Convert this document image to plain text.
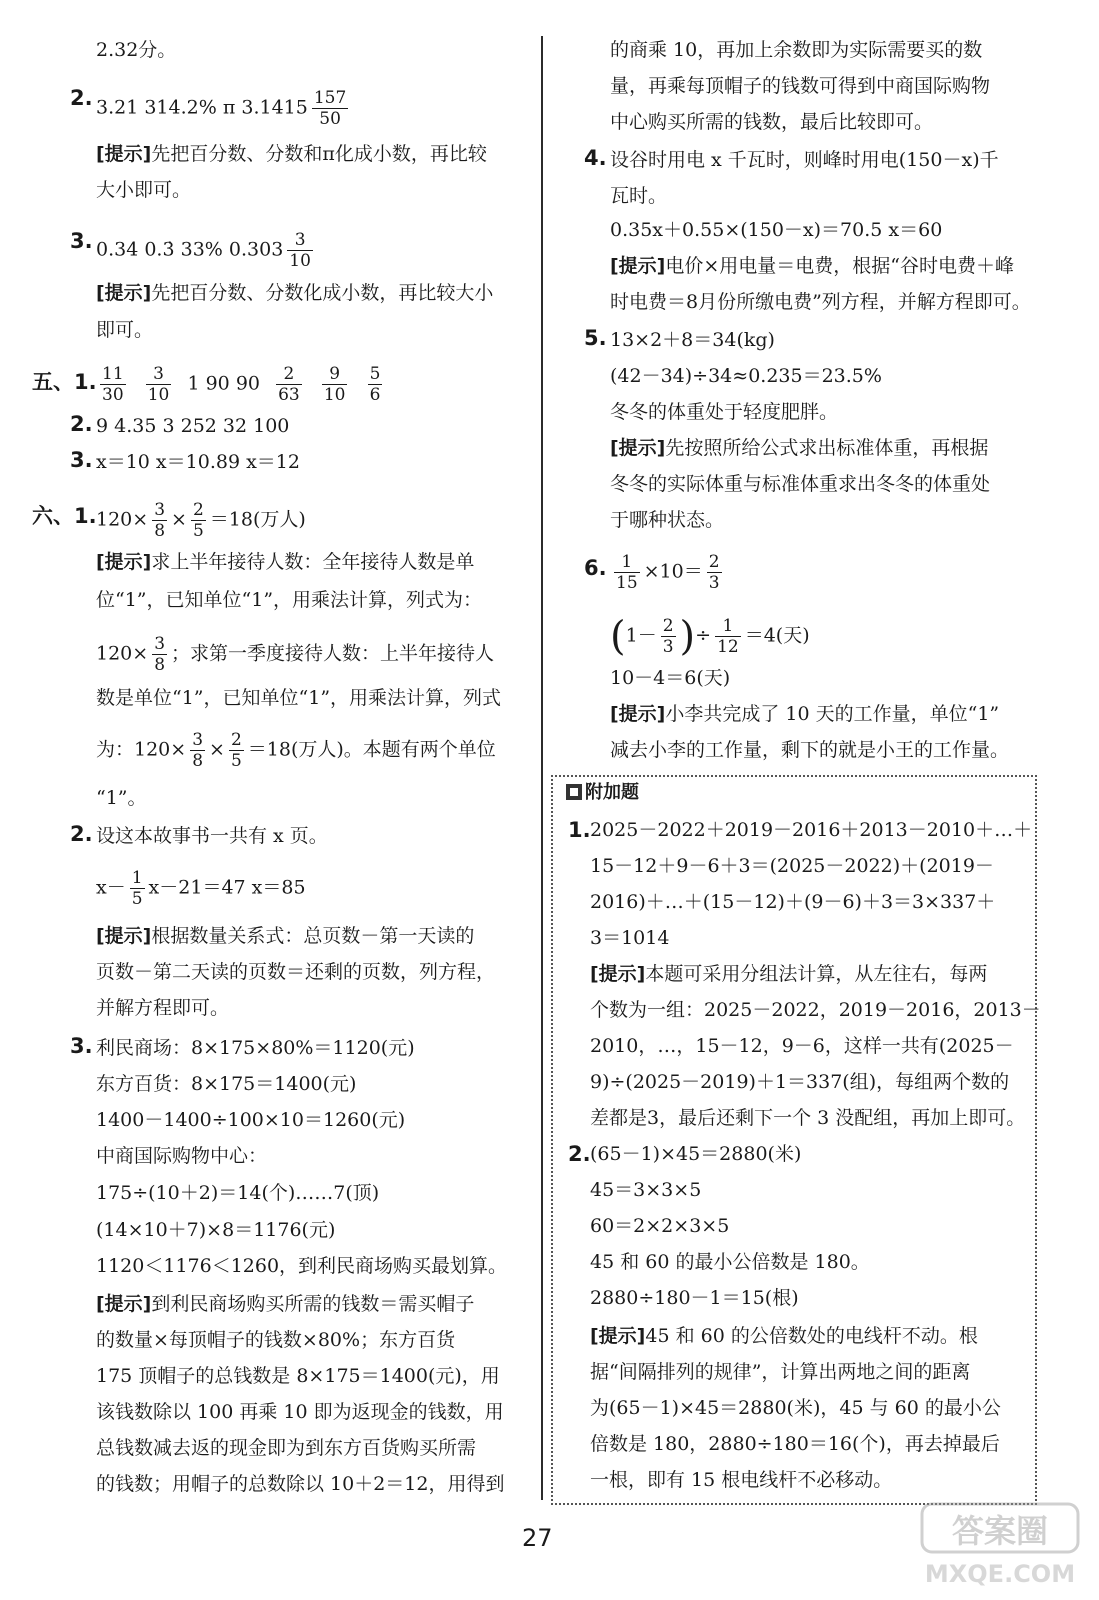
附加题
2.32分。
2. 3.21 314.2% π $3.1415 \frac{157}{50}$
[提示]先把百分数、分数和π化成小数，再比较
大小即可。
3. 0.34 0.3̇ 33% $0.303 \frac{3}{10}$
[提示]先把百分数、分数化成小数，再比较大小
即可。
五、1. $\frac{11}{30}$
$\frac{3}{10} 1$ 90 $90 \frac{2}{63}$
$\frac{9}{10}$
$\frac{5}{6}$
2. 9 4.35 3 252 32 100
3. x＝10 x＝10.89 x＝12
六、1. $120\times \frac{3}{8} \times \frac{2}{5} =18$(万人)
[提示]求上半年接待人数：全年接待人数是单
位“1”，已知单位“1”，用乘法计算，列式为：
$120\times \frac{3}{8}$ ；求第一季度接待人数：上半年接待人
数是单位“1”，已知单位“1”，用乘法计算，列式
为：$120\times \frac{3}{8} \times \frac{2}{5} =18$(万人)。本题有两个单位
“1”。
2. 设这本故事书一共有 x 页。
$x- \frac{1}{5} x-21=47$ x＝85
[提示]根据数量关系式：总页数－第一天读的
页数－第二天读的页数＝还剩的页数，列方程，
并解方程即可。
3. 利民商场：8×175×80%＝1120(元)
东方百货：8×175＝1400(元)
1400－1400÷100×10＝1260(元)
中商国际购物中心：
175÷(10＋2)＝14(个)……7(顶)
(14×10＋7)×8＝1176(元)
1120＜1176＜1260，到利民商场购买最划算。
[提示]到利民商场购买所需的钱数＝需买帽子
的数量×每顶帽子的钱数×80%；东方百货
175 顶帽子的总钱数是 8×175＝1400(元)，用
该钱数除以 100 再乘 10 即为返现金的钱数，用
总钱数减去返的现金即为到东方百货购买所需
的钱数；用帽子的总数除以 10＋2＝12，用得到
的商乘 10，再加上余数即为实际需要买的数
量，再乘每顶帽子的钱数可得到中商国际购物
中心购买所需的钱数，最后比较即可。
4. 设谷时用电 x 千瓦时，则峰时用电(150－x)千
瓦时。
0.35x＋0.55×(150－x)＝70.5 x＝60
[提示]电价×用电量＝电费，根据“谷时电费＋峰
时电费＝8月份所缴电费”列方程，并解方程即可。
5. 13×2＋8＝34(kg)
(42－34)÷34≈0.235＝23.5%
冬冬的体重处于轻度肥胖。
[提示]先按照所给公式求出标准体重，再根据
冬冬的实际体重与标准体重求出冬冬的体重处
于哪种状态。
6. $\frac{1}{15} \times 10= \frac{2}{3}$
($1- \frac{2}{3}$ )÷ $\frac{1}{12} =4$(天)
10－4＝6(天)
[提示]小李共完成了 10 天的工作量，单位“1”
减去小李的工作量，剩下的就是小王的工作量。
1. 2025－2022＋2019－2016＋2013－2010＋…＋
15－12＋9－6＋3＝(2025－2022)＋(2019－
2016)＋…＋(15－12)＋(9－6)＋3＝3×337＋
3＝1014
[提示]本题可采用分组法计算，从左往右，每两
个数为一组：2025－2022，2019－2016，2013－
2010，…，15－12，9－6，这样一共有(2025－
9)÷(2025－2019)＋1＝337(组)，每组两个数的
差都是3，最后还剩下一个 3 没配组，再加上即可。
2. (65－1)×45＝2880(米)
45＝3×3×5
60＝2×2×3×5
45 和 60 的最小公倍数是 180。
2880÷180－1＝15(根)
[提示]45 和 60 的公倍数处的电线杆不动。根
据“间隔排列的规律”，计算出两地之间的距离
为(65－1)×45＝2880(米)，45 与 60 的最小公
倍数是 180，2880÷180＝16(个)，再去掉最后
一根，即有 15 根电线杆不必移动。
27	答案圈
MXQE.COM
